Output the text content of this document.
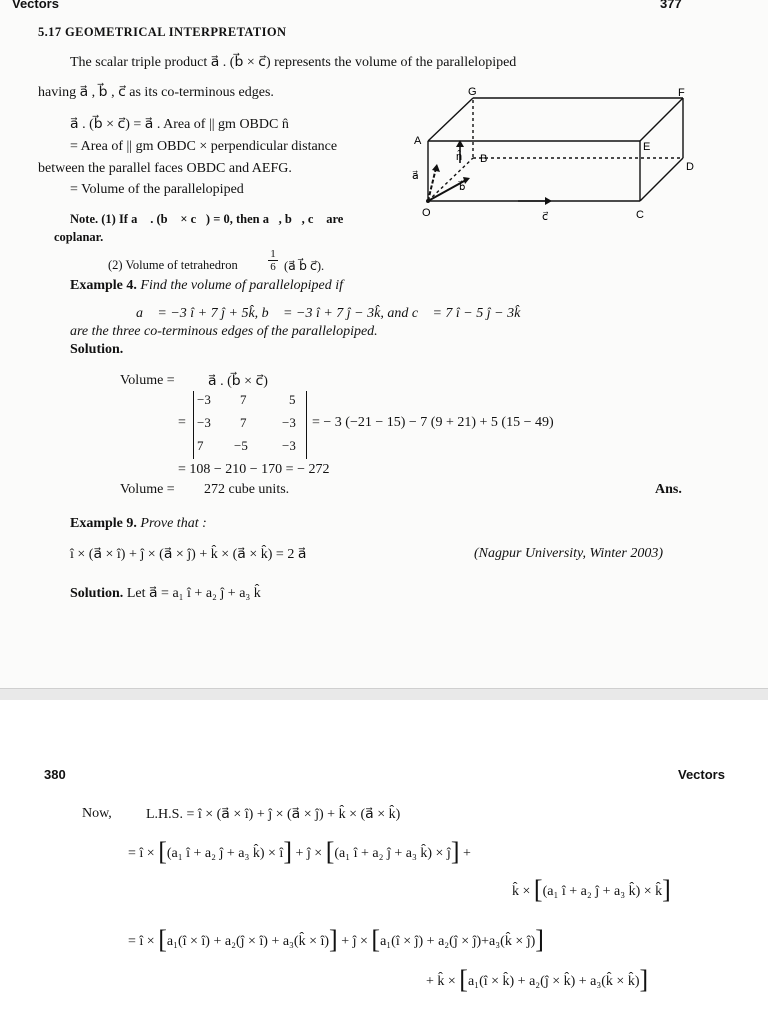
Vectors	377
5.17 GEOMETRICAL INTERPRETATION
The scalar triple product a⃗ . (b⃗ × c⃗) represents the volume of the parallelopiped
having a⃗ , b⃗ , c⃗ as its co-terminous edges.
a⃗ . (b⃗ × c⃗) = a⃗ . Area of || gm OBDC n̂
= Area of || gm OBDC × perpendicular distance
between the parallel faces OBDC and AEFG.
= Volume of the parallelopiped
Note. (1) If a⃗ . (b⃗ × c⃗) = 0, then a⃗, b⃗, c⃗ are
coplanar.
(2) Volume of tetrahedron	$\frac{1}{6}$ (a⃗ b⃗ c⃗).
G	F
A	E
B
D
O	C
n̂
a⃗
b⃗
c⃗
Example 4. Find the volume of parallelopiped if
a⃗ = −3 î + 7 ĵ + 5k̂, b⃗ = −3 î + 7 ĵ − 3k̂, and c⃗ = 7 î − 5 ĵ − 3k̂
are the three co-terminous edges of the parallelopiped.
Solution.
Volume = a⃗ . (b⃗ × c⃗)
=
−3 7	5
−3 7	−3
7 −5	−3
= − 3 (−21 − 15) − 7 (9 + 21) + 5 (15 − 49)
= 108 − 210 − 170 = − 272
Volume = 272 cube units.	Ans.
Example 9. Prove that :
î × (a⃗ × î) + ĵ × (a⃗ × ĵ) + k̂ × (a⃗ × k̂) = 2 a⃗	(Nagpur University, Winter 2003)
Solution. Let a⃗ = a₁ î + a₂ ĵ + a₃ k̂
380	Vectors
Now, L.H.S. = î × (a⃗ × î) + ĵ × (a⃗ × ĵ) + k̂ × (a⃗ × k̂)
= î × [(a₁ î + a₂ ĵ + a₃ k̂) × î] + ĵ × [(a₁ î + a₂ ĵ + a₃ k̂) × ĵ] +
k̂ × [(a₁ î + a₂ ĵ + a₃ k̂) × k̂]
= î × [a₁(î × î) + a₂(ĵ × î) + a₃(k̂ × î)] + ĵ × [a₁(î × ĵ) + a₂(ĵ × ĵ)+a₃(k̂ × ĵ)]
+ k̂ × [a₁(î × k̂) + a₂(ĵ × k̂) + a₃(k̂ × k̂)]
